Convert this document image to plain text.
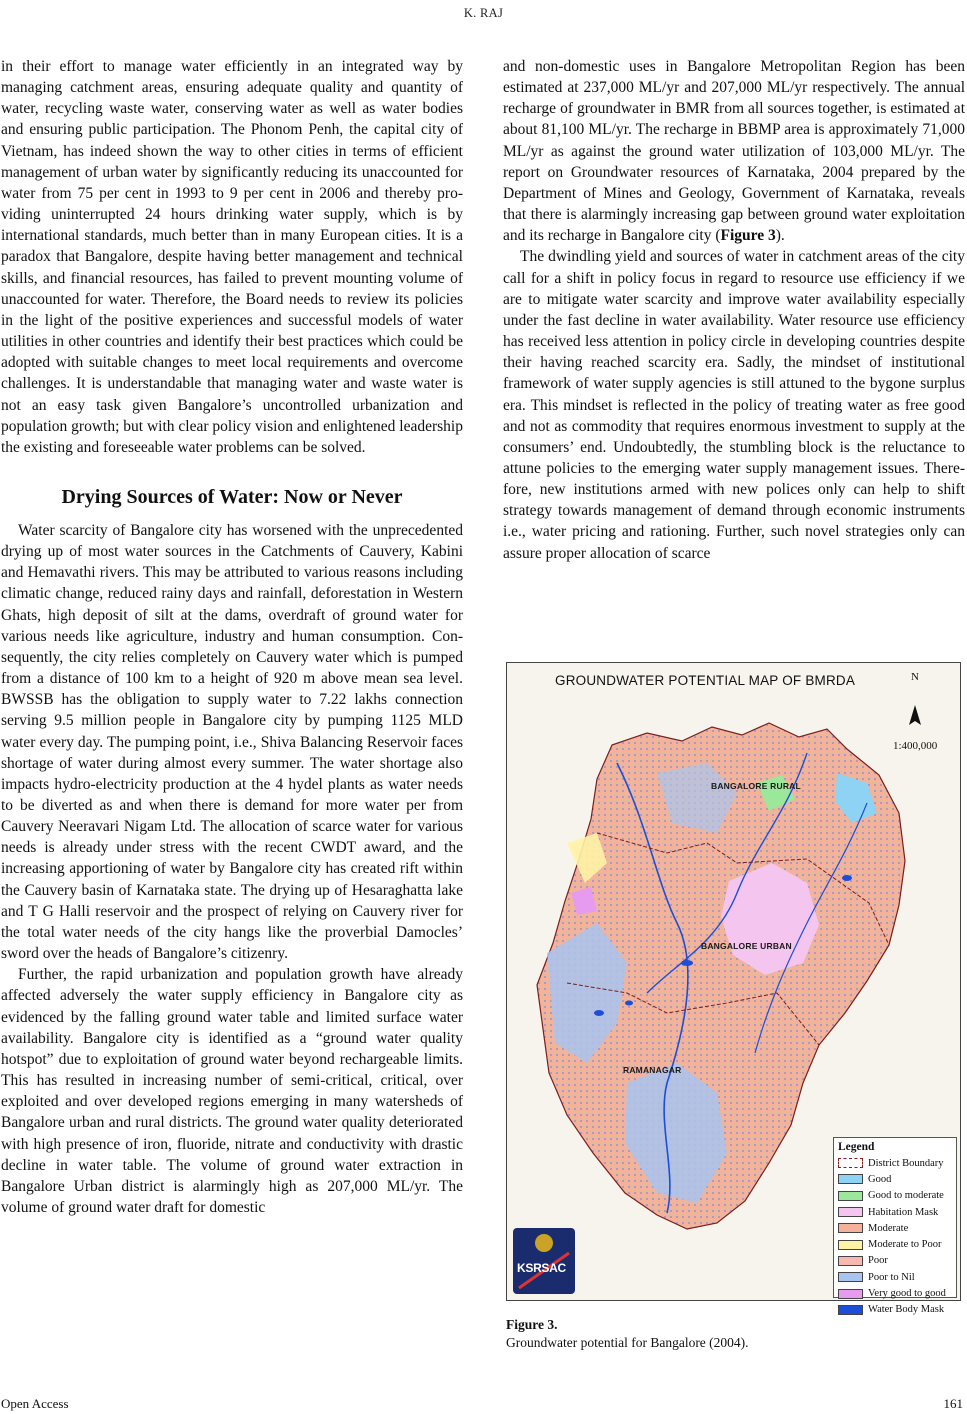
K. RAJ

in their effort to manage water efficiently in an integrated way by managing catchment areas, ensuring adequate quality and quantity of water, recycling waste water, conserving water as well as water bodies and ensuring public participation. The Phonom Penh, the capital city of Vietnam, has indeed shown the way to other cities in terms of efficient management of urban water by significantly reducing its unaccounted for water from 75 per cent in 1993 to 9 per cent in 2006 and thereby providing uninterrupted 24 hours drinking water supply, which is by international standards, much better than in many European cities. It is a paradox that Bangalore, despite having better management and technical skills, and financial resources, has failed to prevent mounting volume of unaccounted for water. Therefore, the Board needs to review its policies in the light of the positive experiences and successful models of water utilities in other countries and identify their best practices which could be adopted with suitable changes to meet local requirements and overcome challenges. It is understandable that managing water and waste water is not an easy task given Bangalore’s uncontrolled urbanization and population growth; but with clear policy vision and enlightened leadership the existing and foreseeable water problems can be solved.

Drying Sources of Water: Now or Never

Water scarcity of Bangalore city has worsened with the unprecedented drying up of most water sources in the Catchments of Cauvery, Kabini and Hemavathi rivers. This may be attributed to various reasons including climatic change, reduced rainy days and rainfall, deforestation in Western Ghats, high deposit of silt at the dams, overdraft of ground water for various needs like agriculture, industry and human consumption. Consequently, the city relies completely on Cauvery water which is pumped from a distance of 100 km to a height of 920 m above mean sea level. BWSSB has the obligation to supply water to 7.22 lakhs connection serving 9.5 million people in Bangalore city by pumping 1125 MLD water every day. The pumping point, i.e., Shiva Balancing Reservoir faces shortage of water during almost every summer. The water shortage also impacts hydro-electricity production at the 4 hydel plants as water needs to be diverted as and when there is demand for more water per from Cauvery Neeravari Nigam Ltd. The allocation of scarce water for various needs is already under stress with the recent CWDT award, and the increasing apportioning of water by Bangalore city has created rift within the Cauvery basin of Karnataka state. The drying up of Hesaraghatta lake and T G Halli reservoir and the prospect of relying on Cauvery river for the total water needs of the city hangs like the proverbial Damocles’ sword over the heads of Bangalore’s citizenry.

Further, the rapid urbanization and population growth have already affected adversely the water supply efficiency in Bangalore city as evidenced by the falling ground water table and limited surface water availability. Bangalore city is identified as a “ground water quality hotspot” due to exploitation of ground water beyond rechargeable limits. This has resulted in increasing number of semi-critical, critical, over exploited and over developed regions emerging in many watersheds of Bangalore urban and rural districts. The ground water quality deteriorated with high presence of iron, fluoride, nitrate and conductivity with drastic decline in water table. The volume of ground water extraction in Bangalore Urban district is alarmingly high as 207,000 ML/yr. The volume of ground water draft for domestic

and non-domestic uses in Bangalore Metropolitan Region has been estimated at 237,000 ML/yr and 207,000 ML/yr respectively. The annual recharge of groundwater in BMR from all sources together, is estimated at about 81,100 ML/yr. The recharge in BBMP area is approximately 71,000 ML/yr as against the ground water utilization of 103,000 ML/yr. The report on Groundwater resources of Karnataka, 2004 prepared by the Department of Mines and Geology, Government of Karnataka, reveals that there is alarmingly increasing gap between ground water exploitation and its recharge in Bangalore city (Figure 3).

The dwindling yield and sources of water in catchment areas of the city call for a shift in policy focus in regard to resource use efficiency if we are to mitigate water scarcity and improve water availability especially under the fast decline in water availability. Water resource use efficiency has received less attention in policy circle in developing countries despite their having reached scarcity era. Sadly, the mindset of institutional framework of water supply agencies is still attuned to the bygone surplus era. This mindset is reflected in the policy of treating water as free good and not as commodity that requires enormous investment to supply at the consumers’ end. Undoubtedly, the stumbling block is the reluctance to attune policies to the emerging water supply management issues. Therefore, new institutions armed with new polices only can help to shift strategy towards management of demand through economic instruments i.e., water pricing and rationing. Further, such novel strategies only can assure proper allocation of scarce

GROUNDWATER POTENTIAL MAP OF BMRDA	N
1:400,000
BANGALORE RURAL
BANGALORE URBAN
RAMANAGAR
KSRSAC
Legend
District Boundary
Good
Good to moderate
Habitation Mask
Moderate
Moderate to Poor
Poor
Poor to Nil
Very good to good
Water Body Mask
Figure 3.
Groundwater potential for Bangalore (2004).
Open Access	161
